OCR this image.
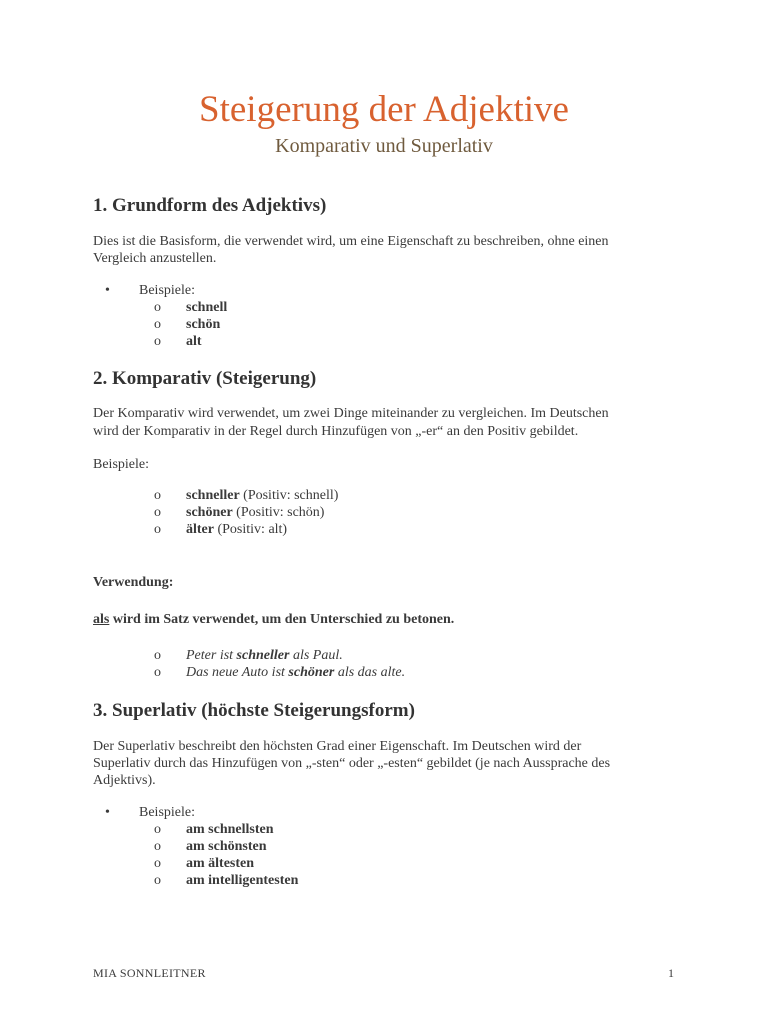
Steigerung der Adjektive
Komparativ und Superlativ
1. Grundform des Adjektivs)
Dies ist die Basisform, die verwendet wird, um eine Eigenschaft zu beschreiben, ohne einen
Vergleich anzustellen.
• Beispiele:
o schnell
o schön
o alt
2. Komparativ (Steigerung)
Der Komparativ wird verwendet, um zwei Dinge miteinander zu vergleichen. Im Deutschen
wird der Komparativ in der Regel durch Hinzufügen von „-er“ an den Positiv gebildet.
Beispiele:
o schneller (Positiv: schnell)
o schöner (Positiv: schön)
o älter (Positiv: alt)
Verwendung:
als wird im Satz verwendet, um den Unterschied zu betonen.
o Peter ist schneller als Paul.
o Das neue Auto ist schöner als das alte.
3. Superlativ (höchste Steigerungsform)
Der Superlativ beschreibt den höchsten Grad einer Eigenschaft. Im Deutschen wird der
Superlativ durch das Hinzufügen von „-sten“ oder „-esten“ gebildet (je nach Aussprache des
Adjektivs).
• Beispiele:
o am schnellsten
o am schönsten
o am ältesten
o am intelligentesten
MIA SONNLEITNER	1
